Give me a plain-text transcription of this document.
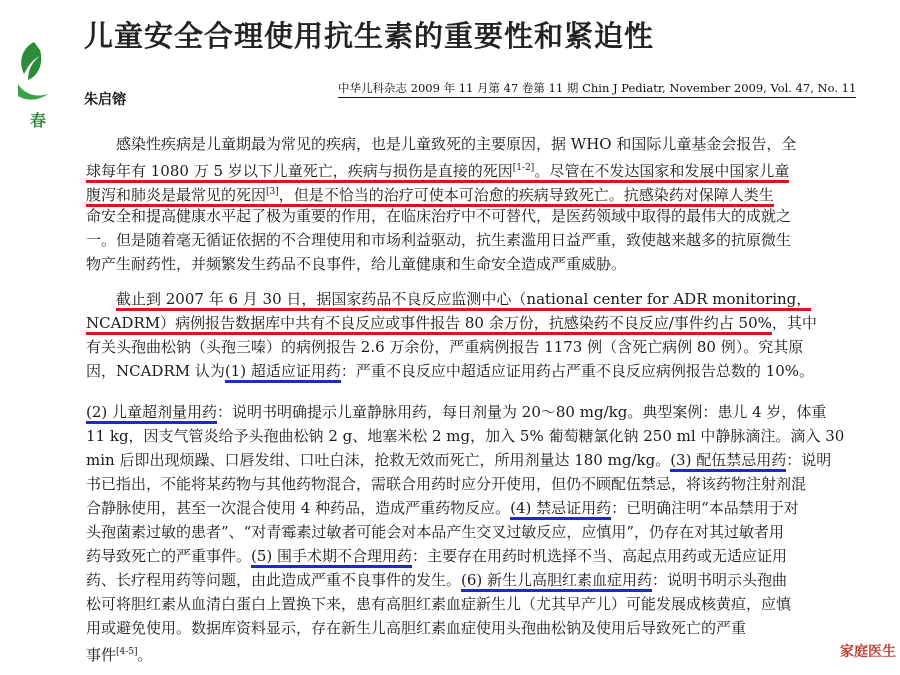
春
儿童安全合理使用抗生素的重要性和紧迫性
朱启镕
中华儿科杂志 2009 年 11 月第 47 卷第 11 期 Chin J Pediatr, November 2009, Vol. 47, No. 11
感染性疾病是儿童期最为常见的疾病，也是儿童致死的主要原因，据 WHO 和国际儿童基金会报告，全
球每年有 1080 万 5 岁以下儿童死亡，疾病与损伤是直接的死因[1-2]。尽管在不发达国家和发展中国家儿童
腹泻和肺炎是最常见的死因[3]，但是不恰当的治疗可使本可治愈的疾病导致死亡。抗感染药对保障人类生
命安全和提高健康水平起了极为重要的作用，在临床治疗中不可替代，是医药领域中取得的最伟大的成就之
一。但是随着毫无循证依据的不合理使用和市场利益驱动，抗生素滥用日益严重，致使越来越多的抗原微生
物产生耐药性，并频繁发生药品不良事件，给儿童健康和生命安全造成严重威胁。
截止到 2007 年 6 月 30 日，据国家药品不良反应监测中心（national center for ADR monitoring，
NCADRM）病例报告数据库中共有不良反应或事件报告 80 余万份，抗感染药不良反应/事件约占 50%，其中
有关头孢曲松钠（头孢三嗪）的病例报告 2.6 万余份，严重病例报告 1173 例（含死亡病例 80 例）。究其原
因，NCADRM 认为(1) 超适应证用药：严重不良反应中超适应证用药占严重不良反应病例报告总数的 10%。
(2) 儿童超剂量用药：说明书明确提示儿童静脉用药，每日剂量为 20～80 mg/kg。典型案例：患儿 4 岁，体重
11 kg，因支气管炎给予头孢曲松钠 2 g、地塞米松 2 mg，加入 5% 葡萄糖氯化钠 250 ml 中静脉滴注。滴入 30
min 后即出现烦躁、口唇发绀、口吐白沫，抢救无效而死亡，所用剂量达 180 mg/kg。(3) 配伍禁忌用药：说明
书已指出，不能将某药物与其他药物混合，需联合用药时应分开使用，但仍不顾配伍禁忌，将该药物注射剂混
合静脉使用，甚至一次混合使用 4 种药品，造成严重药物反应。(4) 禁忌证用药：已明确注明“本品禁用于对
头孢菌素过敏的患者”、“对青霉素过敏者可能会对本品产生交叉过敏反应，应慎用”，仍存在对其过敏者用
药导致死亡的严重事件。(5) 围手术期不合理用药：主要存在用药时机选择不当、高起点用药或无适应证用
药、长疗程用药等问题，由此造成严重不良事件的发生。(6) 新生儿高胆红素血症用药：说明书明示头孢曲
松可将胆红素从血清白蛋白上置换下来，患有高胆红素血症新生儿（尤其早产儿）可能发展成核黄疸，应慎
用或避免使用。数据库资料显示，存在新生儿高胆红素血症使用头孢曲松钠及使用后导致死亡的严重
事件[4-5]。	家庭医生
